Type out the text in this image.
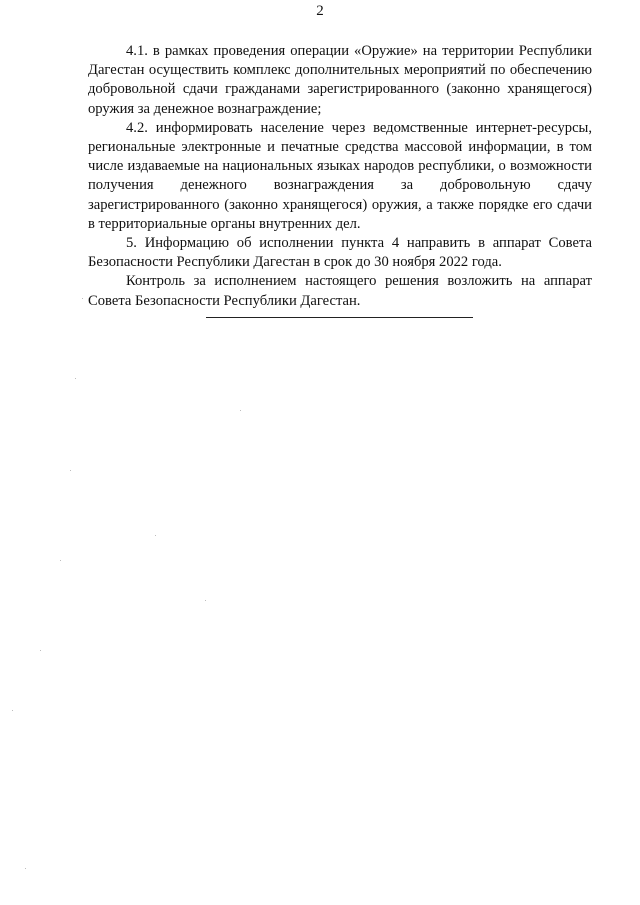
2

4.1. в рамках проведения операции «Оружие» на территории Республики Дагестан осуществить комплекс дополнительных мероприятий по обеспечению добровольной сдачи гражданами зарегистрированного (законно хранящегося) оружия за денежное вознаграждение;

4.2. информировать население через ведомственные интернет-ресурсы, региональные электронные и печатные средства массовой информации, в том числе издаваемые на национальных языках народов республики, о возможности получения денежного вознаграждения за добровольную сдачу зарегистрированного (законно хранящегося) оружия, а также порядке его сдачи в территориальные органы внутренних дел.

5. Информацию об исполнении пункта 4 направить в аппарат Совета Безопасности Республики Дагестан в срок до 30 ноября 2022 года.

Контроль за исполнением настоящего решения возложить на аппарат Совета Безопасности Республики Дагестан.
